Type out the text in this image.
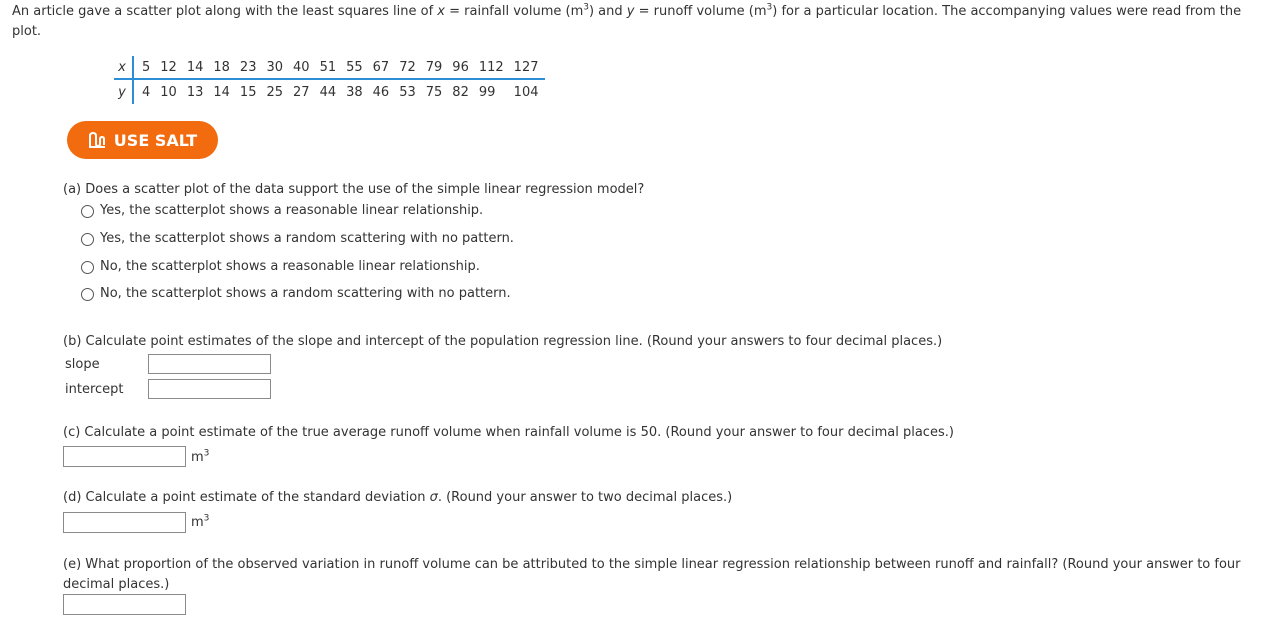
An article gave a scatter plot along with the least squares line of x = rainfall volume $(m^3)$ and y = runoff volume $(m^3)$ for a particular location. The accompanying values were read from the plot.
x	5	12	14	18	23	30	40	51	55	67	72	79	96	112	127
y	4	10	13	14	15	25	27	44	38	46	53	75	82	99	104
USE SALT
(a) Does a scatter plot of the data support the use of the simple linear regression model?
Yes, the scatterplot shows a reasonable linear relationship.
Yes, the scatterplot shows a random scattering with no pattern.
No, the scatterplot shows a reasonable linear relationship.
No, the scatterplot shows a random scattering with no pattern.
(b) Calculate point estimates of the slope and intercept of the population regression line. (Round your answers to four decimal places.)
slope
intercept
(c) Calculate a point estimate of the true average runoff volume when rainfall volume is 50. (Round your answer to four decimal places.)
$m^3$
(d) Calculate a point estimate of the standard deviation σ. (Round your answer to two decimal places.)
$m^3$
(e) What proportion of the observed variation in runoff volume can be attributed to the simple linear regression relationship between runoff and rainfall? (Round your answer to four decimal places.)
